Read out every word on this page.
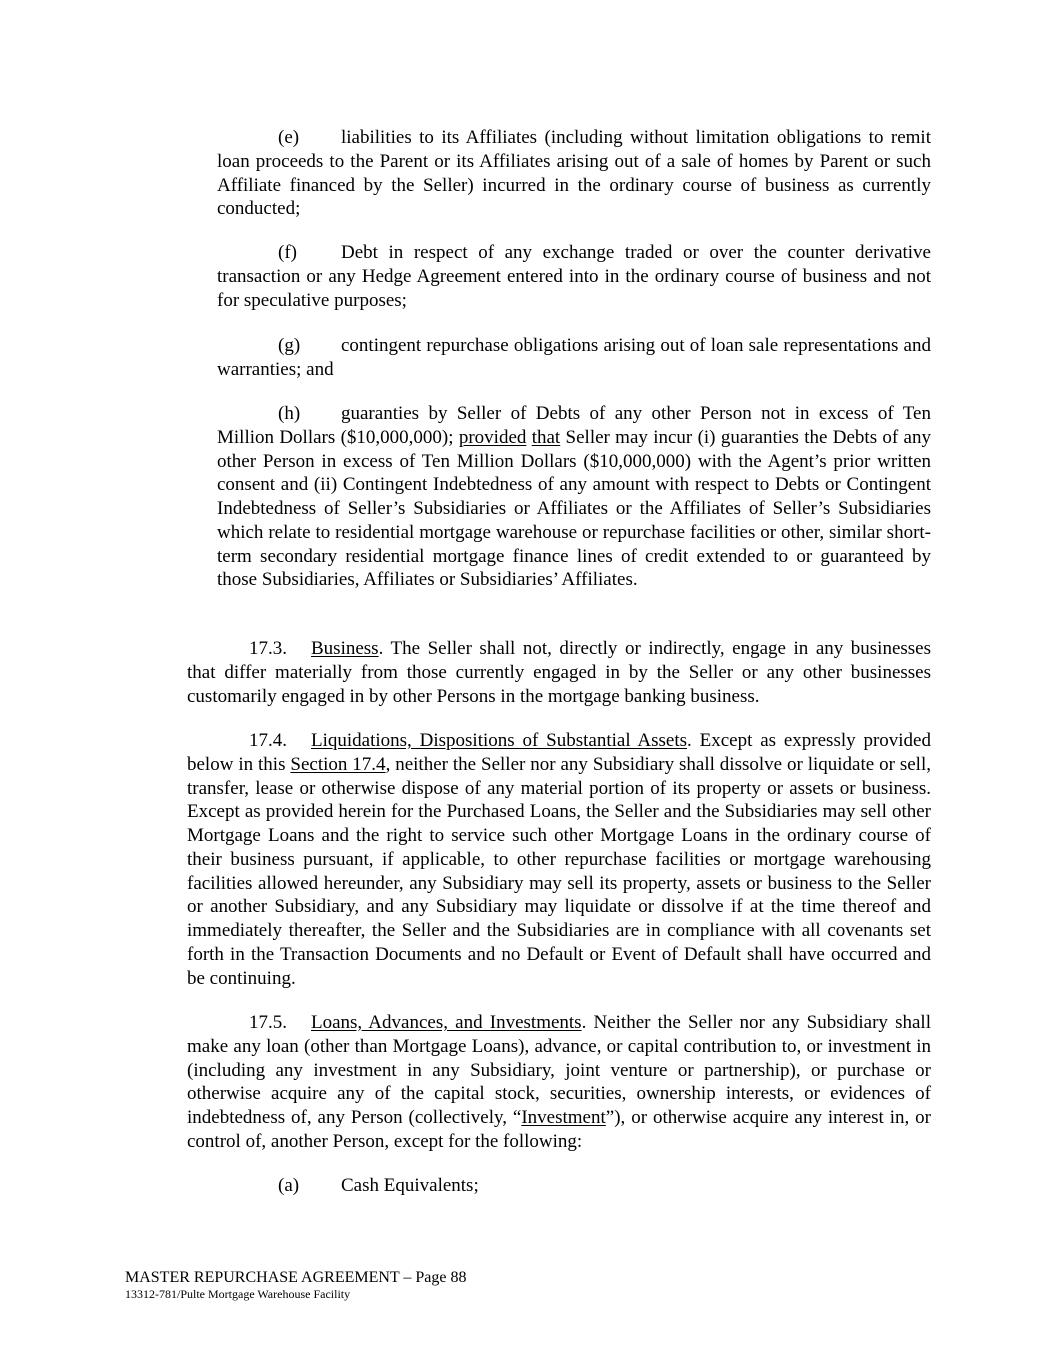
(e) liabilities to its Affiliates (including without limitation obligations to remit loan proceeds to the Parent or its Affiliates arising out of a sale of homes by Parent or such Affiliate financed by the Seller) incurred in the ordinary course of business as currently conducted;
(f) Debt in respect of any exchange traded or over the counter derivative transaction or any Hedge Agreement entered into in the ordinary course of business and not for speculative purposes;
(g) contingent repurchase obligations arising out of loan sale representations and warranties; and
(h) guaranties by Seller of Debts of any other Person not in excess of Ten Million Dollars ($10,000,000); provided that Seller may incur (i) guaranties the Debts of any other Person in excess of Ten Million Dollars ($10,000,000) with the Agent’s prior written consent and (ii) Contingent Indebtedness of any amount with respect to Debts or Contingent Indebtedness of Seller’s Subsidiaries or Affiliates or the Affiliates of Seller’s Subsidiaries which relate to residential mortgage warehouse or repurchase facilities or other, similar short-term secondary residential mortgage finance lines of credit extended to or guaranteed by those Subsidiaries, Affiliates or Subsidiaries’ Affiliates.
17.3. Business. The Seller shall not, directly or indirectly, engage in any businesses that differ materially from those currently engaged in by the Seller or any other businesses customarily engaged in by other Persons in the mortgage banking business.
17.4. Liquidations, Dispositions of Substantial Assets. Except as expressly provided below in this Section 17.4, neither the Seller nor any Subsidiary shall dissolve or liquidate or sell, transfer, lease or otherwise dispose of any material portion of its property or assets or business. Except as provided herein for the Purchased Loans, the Seller and the Subsidiaries may sell other Mortgage Loans and the right to service such other Mortgage Loans in the ordinary course of their business pursuant, if applicable, to other repurchase facilities or mortgage warehousing facilities allowed hereunder, any Subsidiary may sell its property, assets or business to the Seller or another Subsidiary, and any Subsidiary may liquidate or dissolve if at the time thereof and immediately thereafter, the Seller and the Subsidiaries are in compliance with all covenants set forth in the Transaction Documents and no Default or Event of Default shall have occurred and be continuing.
17.5. Loans, Advances, and Investments. Neither the Seller nor any Subsidiary shall make any loan (other than Mortgage Loans), advance, or capital contribution to, or investment in (including any investment in any Subsidiary, joint venture or partnership), or purchase or otherwise acquire any of the capital stock, securities, ownership interests, or evidences of indebtedness of, any Person (collectively, “Investment”), or otherwise acquire any interest in, or control of, another Person, except for the following:
(a) Cash Equivalents;
MASTER REPURCHASE AGREEMENT – Page 88
13312-781/Pulte Mortgage Warehouse Facility
